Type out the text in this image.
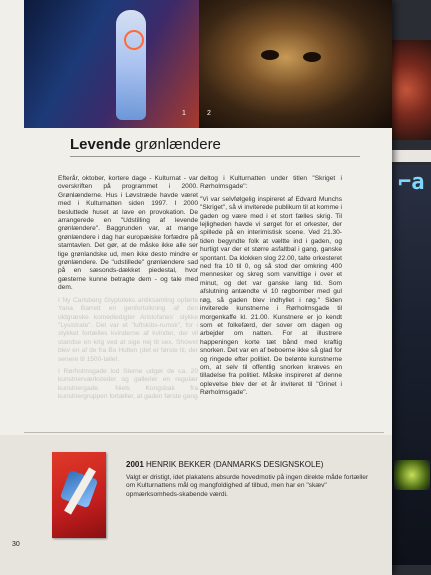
⌐a
1	2
Levende grønlændere

Efterår, oktober, kortere dage - Kulturnat - var overskriften på programmet i 2000. Grønlænderne. Hus i Løvstræde havde været med i Kulturnatten siden 1997. I 2000 besluttede huset at lave en provokation. De arrangerede en "Udstilling af levende grønlændere". Baggrunden var, at mange grønlændere i dag har europæiske forfædre på stamtavlen. Det gør, at de måske ikke alle ser lige grønlandske ud, men ikke desto mindre er grønlændere. De "udstillede" grønlændere sad på en sæsonds-dækket piedestal, hvor gæsterne kunne betragte dem - og tale med dem.

I Ny Carlsberg Glyptoteks antiksamling opførte Yana Barrett en genfortolkning af den oldgræske komediedigter Aristofanes' stykke "Lysistrate". Det var et "luftskibs-rumsk", for i stykket fortælles kvinderne af kvinder, der vil standse en krig ved at sige nej til sex. Showet blev en af de fra Bo Holten (det er første til, der senere til 1500-tallet.

I Rørholmsgade lod Sterne udgør de ca. 20 kunstnerværksteder og gallerier en regulær kunstnergade. Niels Kongsbak fra kunstnergruppen fortæller, at gaden første gang

deltog i Kulturnatten under titlen "Skriget i Rørholmsgade":

"Vi var selvfølgelig inspireret af Edvard Munchs "Skriget", så vi inviterede publikum til at komme i gaden og være med i et stort fælles skrig. Til lejligheden havde vi sørget for et orkester, der spillede på en interimistisk scene. Ved 21.30-tiden begyndte folk at væltte ind i gaden, og hurtigt var der et større asfaltbal i gang, ganske spontant. Da klokken slog 22.00, talte orkesteret ned fra 10 til 0, og så stod der omkring 400 mennesker og skreg som vanvittige i over et minut, og det var ganske lang tid. Som afslutning antændte vi 10 røgbomber med gul røg, så gaden blev indhyllet i røg." Siden inviterede kunstnerne i Rørholmsgade til morgenkaffe kl. 21.00. Kunstnere er jo kendt som et folkefærd, der sover om dagen og arbejder om natten. For at illustrere happeningen korte tæt bånd med kraftig snorken. Det var en af beboerne ikke så glad for og ringede efter politiet. De belønte kunstnerne om, at selv til offentlig snorken kræves en tilladelse fra politiet. Måske inspireret af denne oplevelse blev der et år inviteret til "Grinet i Rørholmsgade".

2001 HENRIK BEKKER (DANMARKS DESIGNSKOLE)
Valgt er dristigt, idet plakatens absurde hovedmotiv på ingen direkte måde fortæller om Kulturnattens mål og mangfoldighed af tilbud, men har en "skæv" opmærksomheds-skabende værdi.
30
